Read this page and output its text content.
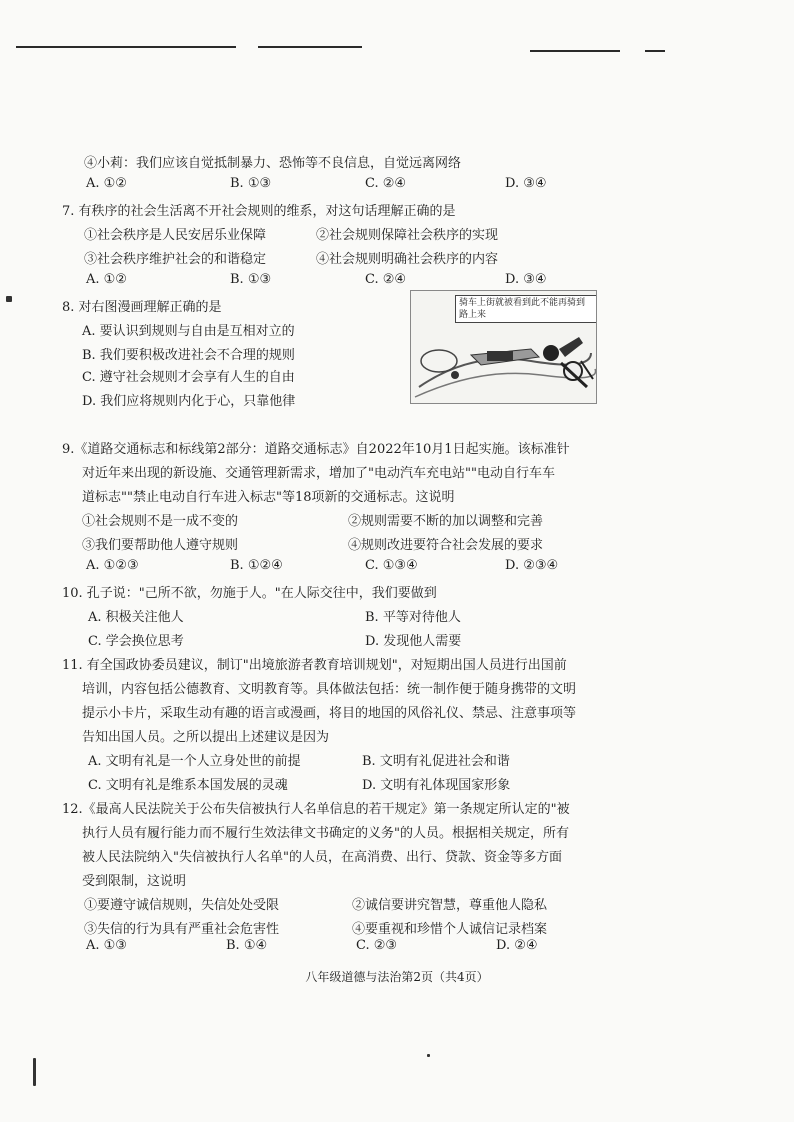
④小莉：我们应该自觉抵制暴力、恐怖等不良信息，自觉远离网络
A. ①②	B. ①③	C. ②④	D. ③④
7. 有秩序的社会生活离不开社会规则的维系，对这句话理解正确的是
①社会秩序是人民安居乐业保障	②社会规则保障社会秩序的实现
③社会秩序维护社会的和谐稳定	④社会规则明确社会秩序的内容
A. ①②	B. ①③	C. ②④	D. ③④
8. 对右图漫画理解正确的是
A. 要认识到规则与自由是互相对立的
B. 我们要积极改进社会不合理的规则
C. 遵守社会规则才会享有人生的自由
D. 我们应将规则内化于心，只靠他律
骑车上街就被看到此不能再骑到路上来
9.《道路交通标志和标线第2部分：道路交通标志》自2022年10月1日起实施。该标准针
对近年来出现的新设施、交通管理新需求，增加了"电动汽车充电站""电动自行车车
道标志""禁止电动自行车进入标志"等18项新的交通标志。这说明
①社会规则不是一成不变的	②规则需要不断的加以调整和完善
③我们要帮助他人遵守规则	④规则改进要符合社会发展的要求
A. ①②③	B. ①②④	C. ①③④	D. ②③④
10. 孔子说："己所不欲，勿施于人。"在人际交往中，我们要做到
A. 积极关注他人	B. 平等对待他人
C. 学会换位思考	D. 发现他人需要
11. 有全国政协委员建议，制订"出境旅游者教育培训规划"，对短期出国人员进行出国前
培训，内容包括公德教育、文明教育等。具体做法包括：统一制作便于随身携带的文明
提示小卡片，采取生动有趣的语言或漫画，将目的地国的风俗礼仪、禁忌、注意事项等
告知出国人员。之所以提出上述建议是因为
A. 文明有礼是一个人立身处世的前提	B. 文明有礼促进社会和谐
C. 文明有礼是维系本国发展的灵魂	D. 文明有礼体现国家形象
12.《最高人民法院关于公布失信被执行人名单信息的若干规定》第一条规定所认定的"被
执行人员有履行能力而不履行生效法律文书确定的义务"的人员。根据相关规定，所有
被人民法院纳入"失信被执行人名单"的人员，在高消费、出行、贷款、资金等多方面
受到限制，这说明
①要遵守诚信规则，失信处处受限	②诚信要讲究智慧，尊重他人隐私
③失信的行为具有严重社会危害性	④要重视和珍惜个人诚信记录档案
A. ①③	B. ①④	C. ②③	D. ②④
八年级道德与法治第2页（共4页）
